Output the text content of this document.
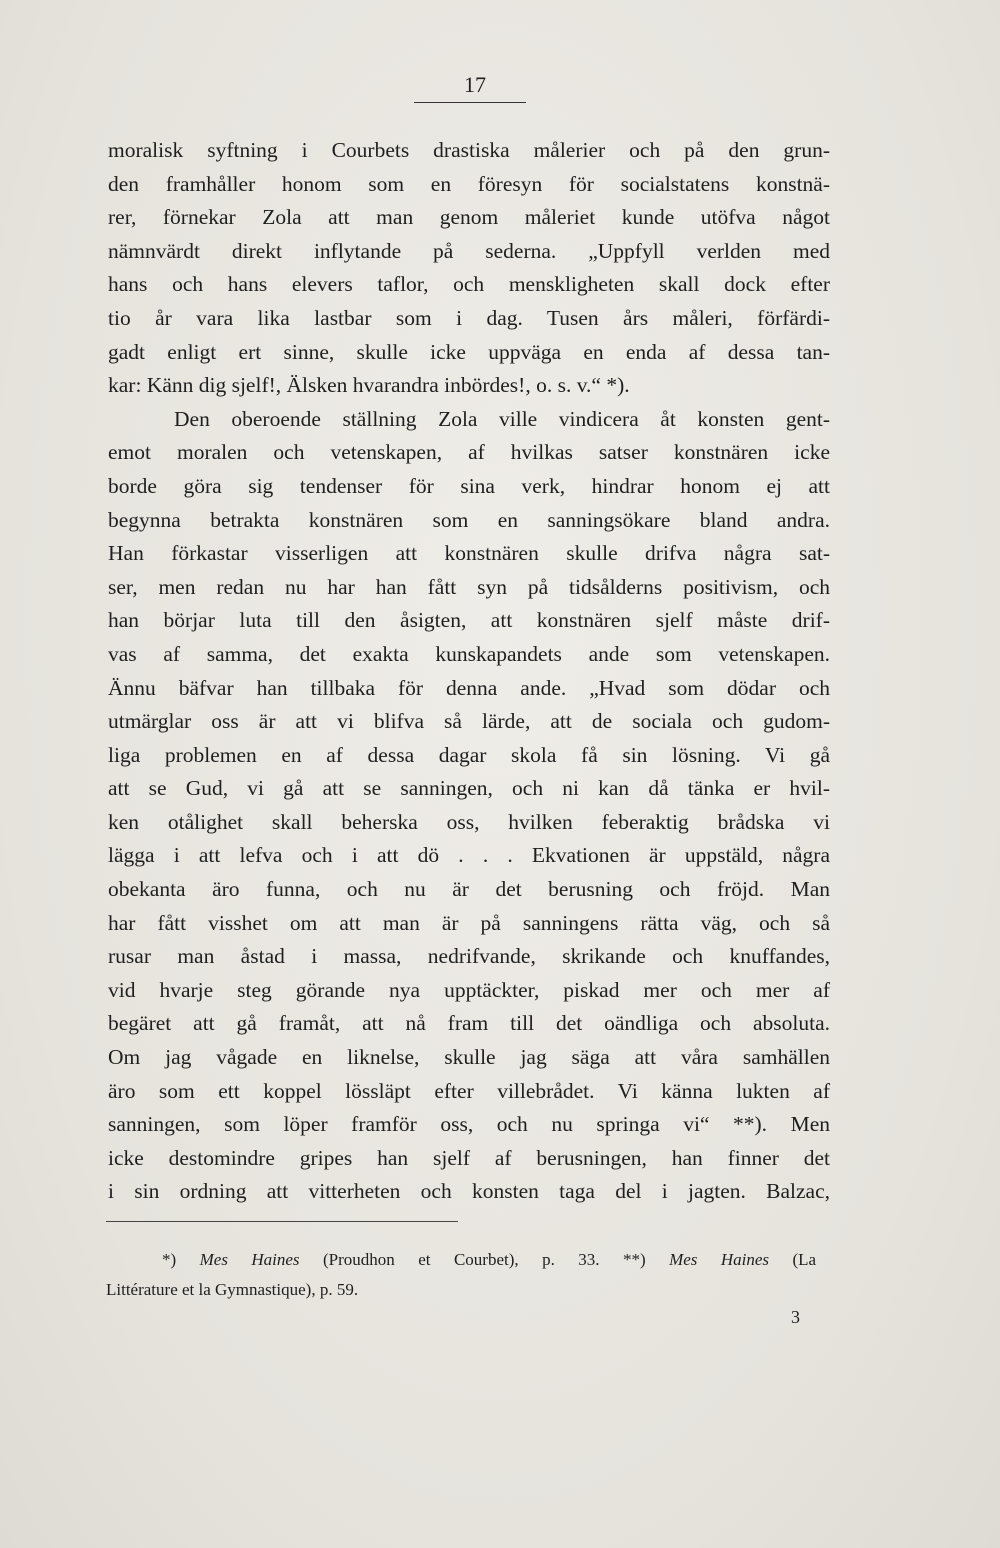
17
moralisk syftning i Courbets drastiska målerier och på den grun-
den framhåller honom som en föresyn för socialstatens konstnä-
rer, förnekar Zola att man genom måleriet kunde utöfva något
nämnvärdt direkt inflytande på sederna. „Uppfyll verlden med
hans och hans elevers taflor, och menskligheten skall dock efter
tio år vara lika lastbar som i dag. Tusen års måleri, förfärdi-
gadt enligt ert sinne, skulle icke uppväga en enda af dessa tan-
kar: Känn dig sjelf!, Älsken hvarandra inbördes!, o. s. v.“ *).
Den oberoende ställning Zola ville vindicera åt konsten gent-
emot moralen och vetenskapen, af hvilkas satser konstnären icke
borde göra sig tendenser för sina verk, hindrar honom ej att
begynna betrakta konstnären som en sanningsökare bland andra.
Han förkastar visserligen att konstnären skulle drifva några sat-
ser, men redan nu har han fått syn på tidsålderns positivism, och
han börjar luta till den åsigten, att konstnären sjelf måste drif-
vas af samma, det exakta kunskapandets ande som vetenskapen.
Ännu bäfvar han tillbaka för denna ande. „Hvad som dödar och
utmärglar oss är att vi blifva så lärde, att de sociala och gudom-
liga problemen en af dessa dagar skola få sin lösning. Vi gå
att se Gud, vi gå att se sanningen, och ni kan då tänka er hvil-
ken otålighet skall beherska oss, hvilken feberaktig brådska vi
lägga i att lefva och i att dö . . . Ekvationen är uppstäld, några
obekanta äro funna, och nu är det berusning och fröjd. Man
har fått visshet om att man är på sanningens rätta väg, och så
rusar man åstad i massa, nedrifvande, skrikande och knuffandes,
vid hvarje steg görande nya upptäckter, piskad mer och mer af
begäret att gå framåt, att nå fram till det oändliga och absoluta.
Om jag vågade en liknelse, skulle jag säga att våra samhällen
äro som ett koppel lössläpt efter villebrådet. Vi känna lukten af
sanningen, som löper framför oss, och nu springa vi“ **). Men
icke destomindre gripes han sjelf af berusningen, han finner det
i sin ordning att vitterheten och konsten taga del i jagten. Balzac,
*) Mes Haines (Proudhon et Courbet), p. 33. **) Mes Haines (La
Littérature et la Gymnastique), p. 59.
3
